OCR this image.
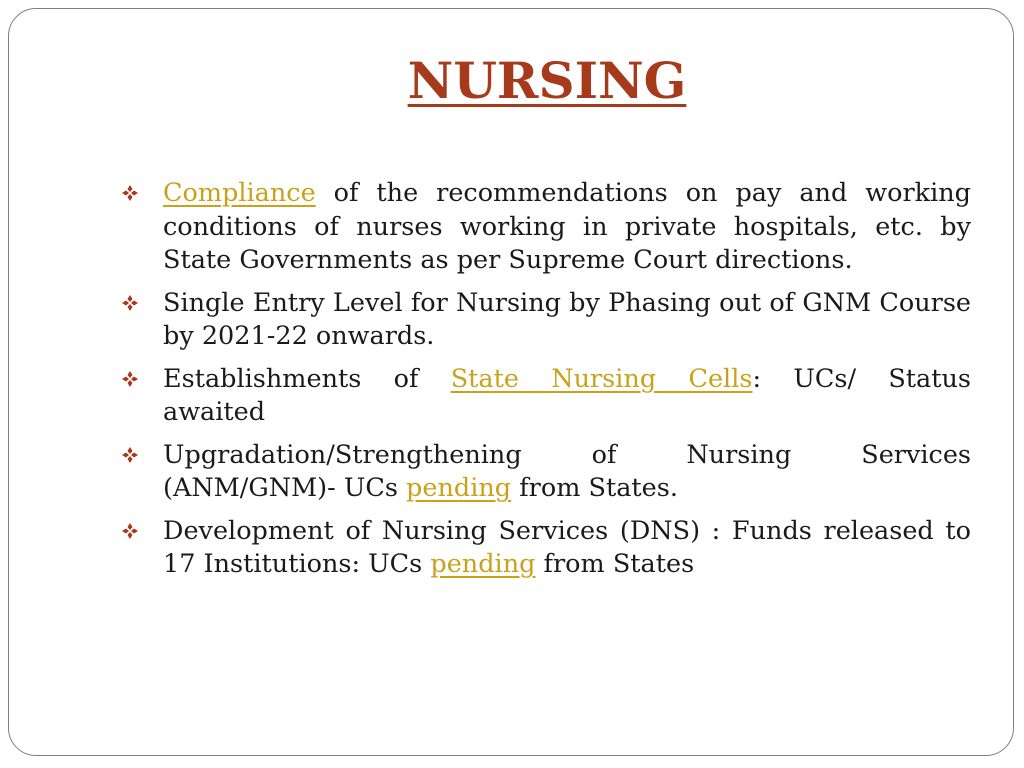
NURSING
Compliance of the recommendations on pay and working conditions of nurses working in private hospitals, etc. by State Governments as per Supreme Court directions.
Single Entry Level for Nursing by Phasing out of GNM Course by 2021-22 onwards.
Establishments of State Nursing Cells: UCs/ Status
awaited
Upgradation/Strengthening of Nursing Services
(ANM/GNM)- UCs pending from States.
Development of Nursing Services (DNS) : Funds released to 17 Institutions: UCs pending from States
